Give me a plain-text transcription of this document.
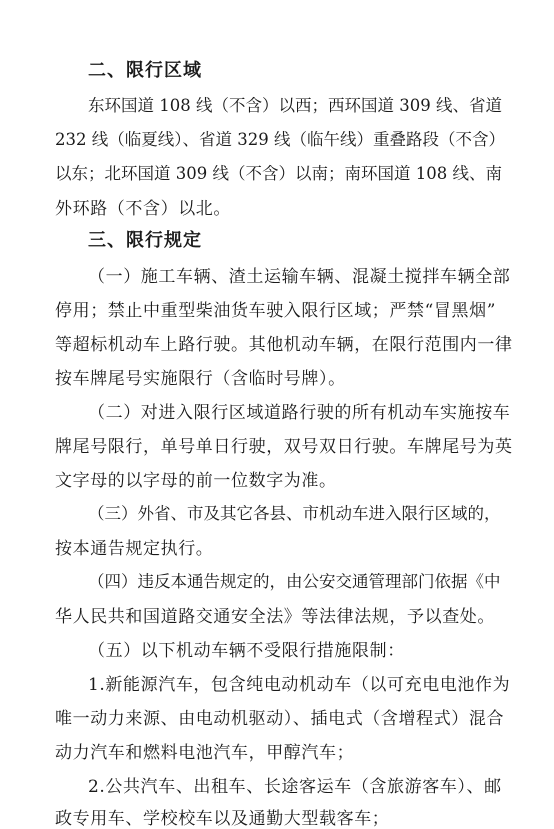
二、限行区域

东环国道 108 线（不含）以西；西环国道 309 线、省道

232 线（临夏线）、省道 329 线（临午线）重叠路段（不含）

以东；北环国道 309 线（不含）以南；南环国道 108 线、南

外环路（不含）以北。

三、限行规定

（一）施工车辆、渣土运输车辆、混凝土搅拌车辆全部

停用；禁止中重型柴油货车驶入限行区域；严禁“冒黑烟”

等超标机动车上路行驶。其他机动车辆，在限行范围内一律

按车牌尾号实施限行（含临时号牌）。

（二）对进入限行区域道路行驶的所有机动车实施按车

牌尾号限行，单号单日行驶，双号双日行驶。车牌尾号为英

文字母的以字母的前一位数字为准。

（三）外省、市及其它各县、市机动车进入限行区域的，

按本通告规定执行。

（四）违反本通告规定的，由公安交通管理部门依据《中

华人民共和国道路交通安全法》等法律法规，予以查处。

（五）以下机动车辆不受限行措施限制：

1.新能源汽车，包含纯电动机动车（以可充电电池作为

唯一动力来源、由电动机驱动）、插电式（含增程式）混合

动力汽车和燃料电池汽车，甲醇汽车；

2.公共汽车、出租车、长途客运车（含旅游客车）、邮

政专用车、学校校车以及通勤大型载客车；
